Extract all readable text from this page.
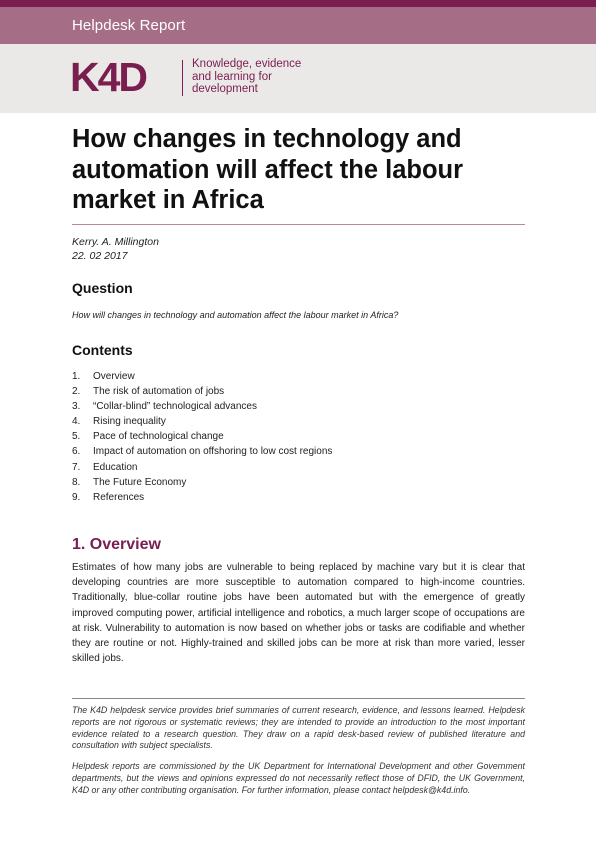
Helpdesk Report
K4D	Knowledge, evidence
and learning for
development
How changes in technology and automation will affect the labour market in Africa
Kerry. A. Millington
22. 02 2017
Question
How will changes in technology and automation affect the labour market in Africa?
Contents
1. Overview
2. The risk of automation of jobs
3. “Collar-blind” technological advances
4. Rising inequality
5. Pace of technological change
6. Impact of automation on offshoring to low cost regions
7. Education
8. The Future Economy
9. References
1. Overview

Estimates of how many jobs are vulnerable to being replaced by machine vary but it is clear that developing countries are more susceptible to automation compared to high-income countries. Traditionally, blue-collar routine jobs have been automated but with the emergence of greatly improved computing power, artificial intelligence and robotics, a much larger scope of occupations are at risk. Vulnerability to automation is now based on whether jobs or tasks are codifiable and whether they are routine or not. Highly-trained and skilled jobs can be more at risk than more varied, lesser skilled jobs.

The K4D helpdesk service provides brief summaries of current research, evidence, and lessons learned. Helpdesk reports are not rigorous or systematic reviews; they are intended to provide an introduction to the most important evidence related to a research question. They draw on a rapid desk-based review of published literature and consultation with subject specialists.

Helpdesk reports are commissioned by the UK Department for International Development and other Government departments, but the views and opinions expressed do not necessarily reflect those of DFID, the UK Government, K4D or any other contributing organisation. For further information, please contact helpdesk@k4d.info.
